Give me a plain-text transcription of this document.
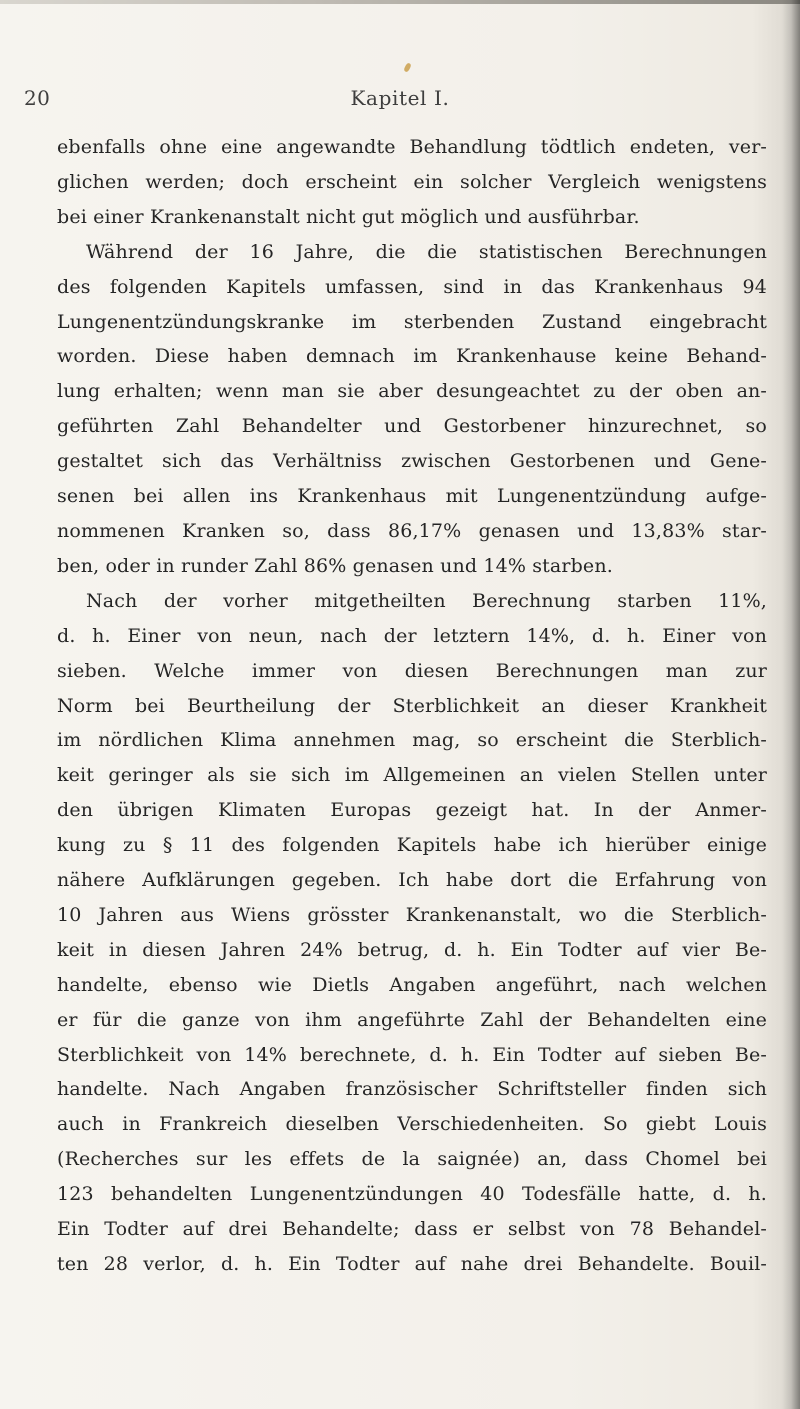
20	Kapitel I.
ebenfalls ohne eine angewandte Behandlung tödtlich endeten, ver-
glichen werden; doch erscheint ein solcher Vergleich wenigstens
bei einer Krankenanstalt nicht gut möglich und ausführbar.
Während der 16 Jahre, die die statistischen Berechnungen
des folgenden Kapitels umfassen, sind in das Krankenhaus 94
Lungenentzündungskranke im sterbenden Zustand eingebracht
worden. Diese haben demnach im Krankenhause keine Behand-
lung erhalten; wenn man sie aber desungeachtet zu der oben an-
geführten Zahl Behandelter und Gestorbener hinzurechnet, so
gestaltet sich das Verhältniss zwischen Gestorbenen und Gene-
senen bei allen ins Krankenhaus mit Lungenentzündung aufge-
nommenen Kranken so, dass 86,17% genasen und 13,83% star-
ben, oder in runder Zahl 86% genasen und 14% starben.
Nach der vorher mitgetheilten Berechnung starben 11%,
d. h. Einer von neun, nach der letztern 14%, d. h. Einer von
sieben. Welche immer von diesen Berechnungen man zur
Norm bei Beurtheilung der Sterblichkeit an dieser Krankheit
im nördlichen Klima annehmen mag, so erscheint die Sterblich-
keit geringer als sie sich im Allgemeinen an vielen Stellen unter
den übrigen Klimaten Europas gezeigt hat. In der Anmer-
kung zu § 11 des folgenden Kapitels habe ich hierüber einige
nähere Aufklärungen gegeben. Ich habe dort die Erfahrung von
10 Jahren aus Wiens grösster Krankenanstalt, wo die Sterblich-
keit in diesen Jahren 24% betrug, d. h. Ein Todter auf vier Be-
handelte, ebenso wie Dietls Angaben angeführt, nach welchen
er für die ganze von ihm angeführte Zahl der Behandelten eine
Sterblichkeit von 14% berechnete, d. h. Ein Todter auf sieben Be-
handelte. Nach Angaben französischer Schriftsteller finden sich
auch in Frankreich dieselben Verschiedenheiten. So giebt Louis
(Recherches sur les effets de la saignée) an, dass Chomel bei
123 behandelten Lungenentzündungen 40 Todesfälle hatte, d. h.
Ein Todter auf drei Behandelte; dass er selbst von 78 Behandel-
ten 28 verlor, d. h. Ein Todter auf nahe drei Behandelte. Bouil-
